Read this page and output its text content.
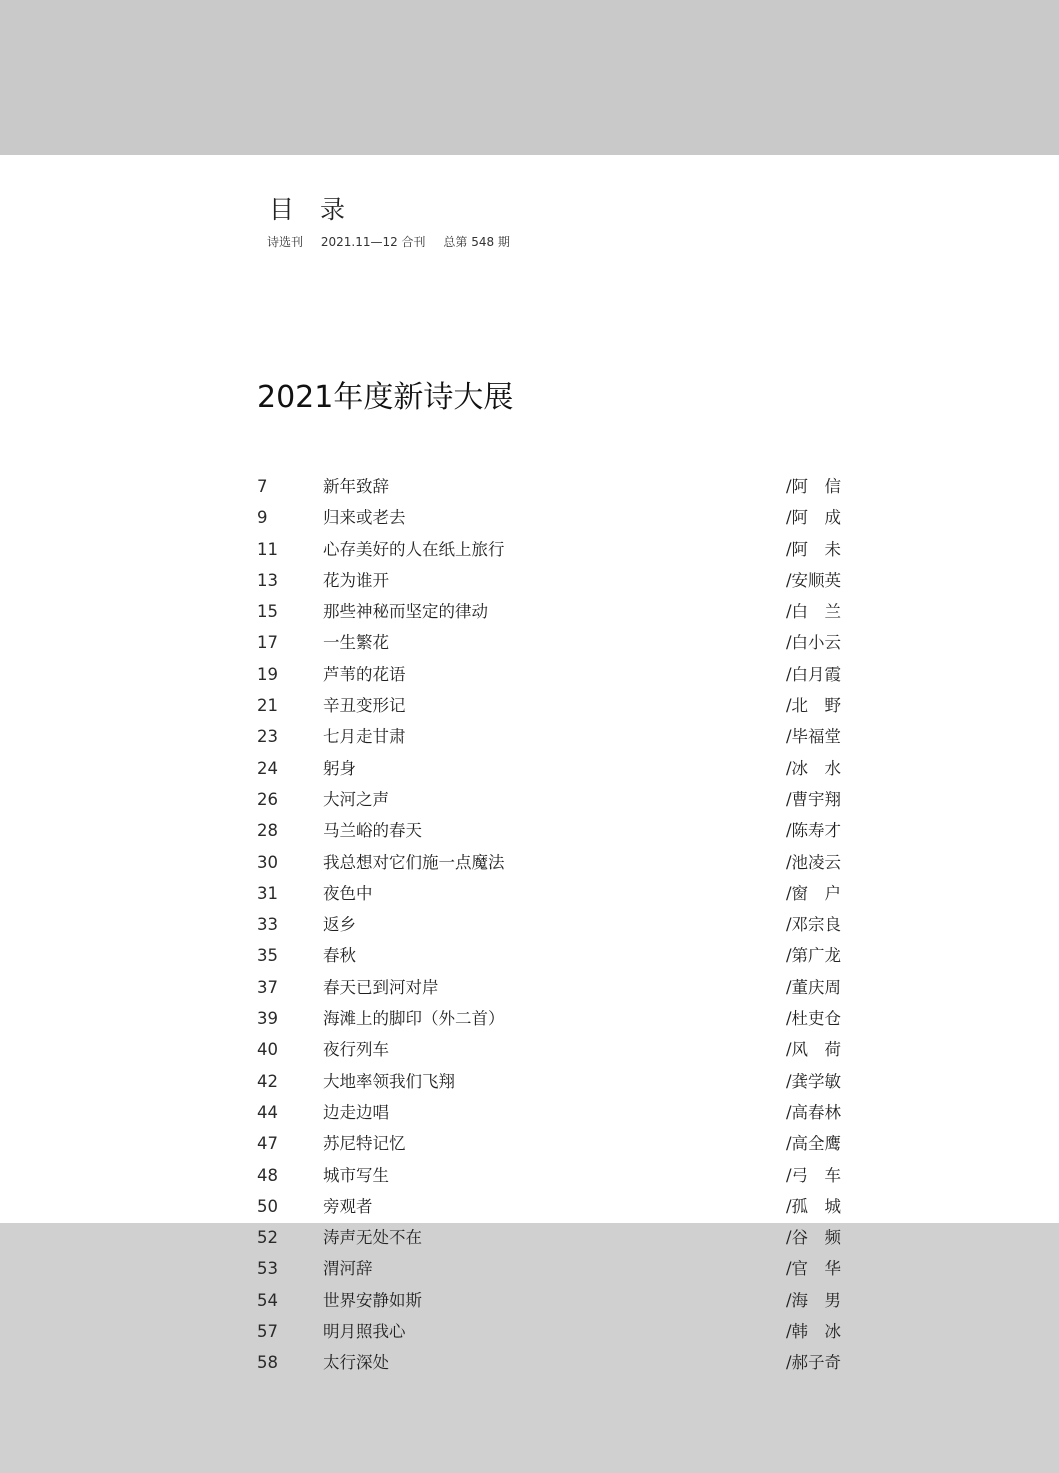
目录
诗选刊 2021.11—12 合刊 总第 548 期
2021年度新诗大展
7	新年致辞	/阿　信
9	归来或老去	/阿　成
11	心存美好的人在纸上旅行	/阿　未
13	花为谁开	/安顺英
15	那些神秘而坚定的律动	/白　兰
17	一生繁花	/白小云
19	芦苇的花语	/白月霞
21	辛丑变形记	/北　野
23	七月走甘肃	/毕福堂
24	躬身	/冰　水
26	大河之声	/曹宇翔
28	马兰峪的春天	/陈寿才
30	我总想对它们施一点魔法	/池凌云
31	夜色中	/窗　户
33	返乡	/邓宗良
35	春秋	/第广龙
37	春天已到河对岸	/董庆周
39	海滩上的脚印（外二首）	/杜吏仓
40	夜行列车	/风　荷
42	大地率领我们飞翔	/龚学敏
44	边走边唱	/高春林
47	苏尼特记忆	/高全鹰
48	城市写生	/弓　车
50	旁观者	/孤　城
52	涛声无处不在	/谷　频
53	渭河辞	/官　华
54	世界安静如斯	/海　男
57	明月照我心	/韩　冰
58	太行深处	/郝子奇
